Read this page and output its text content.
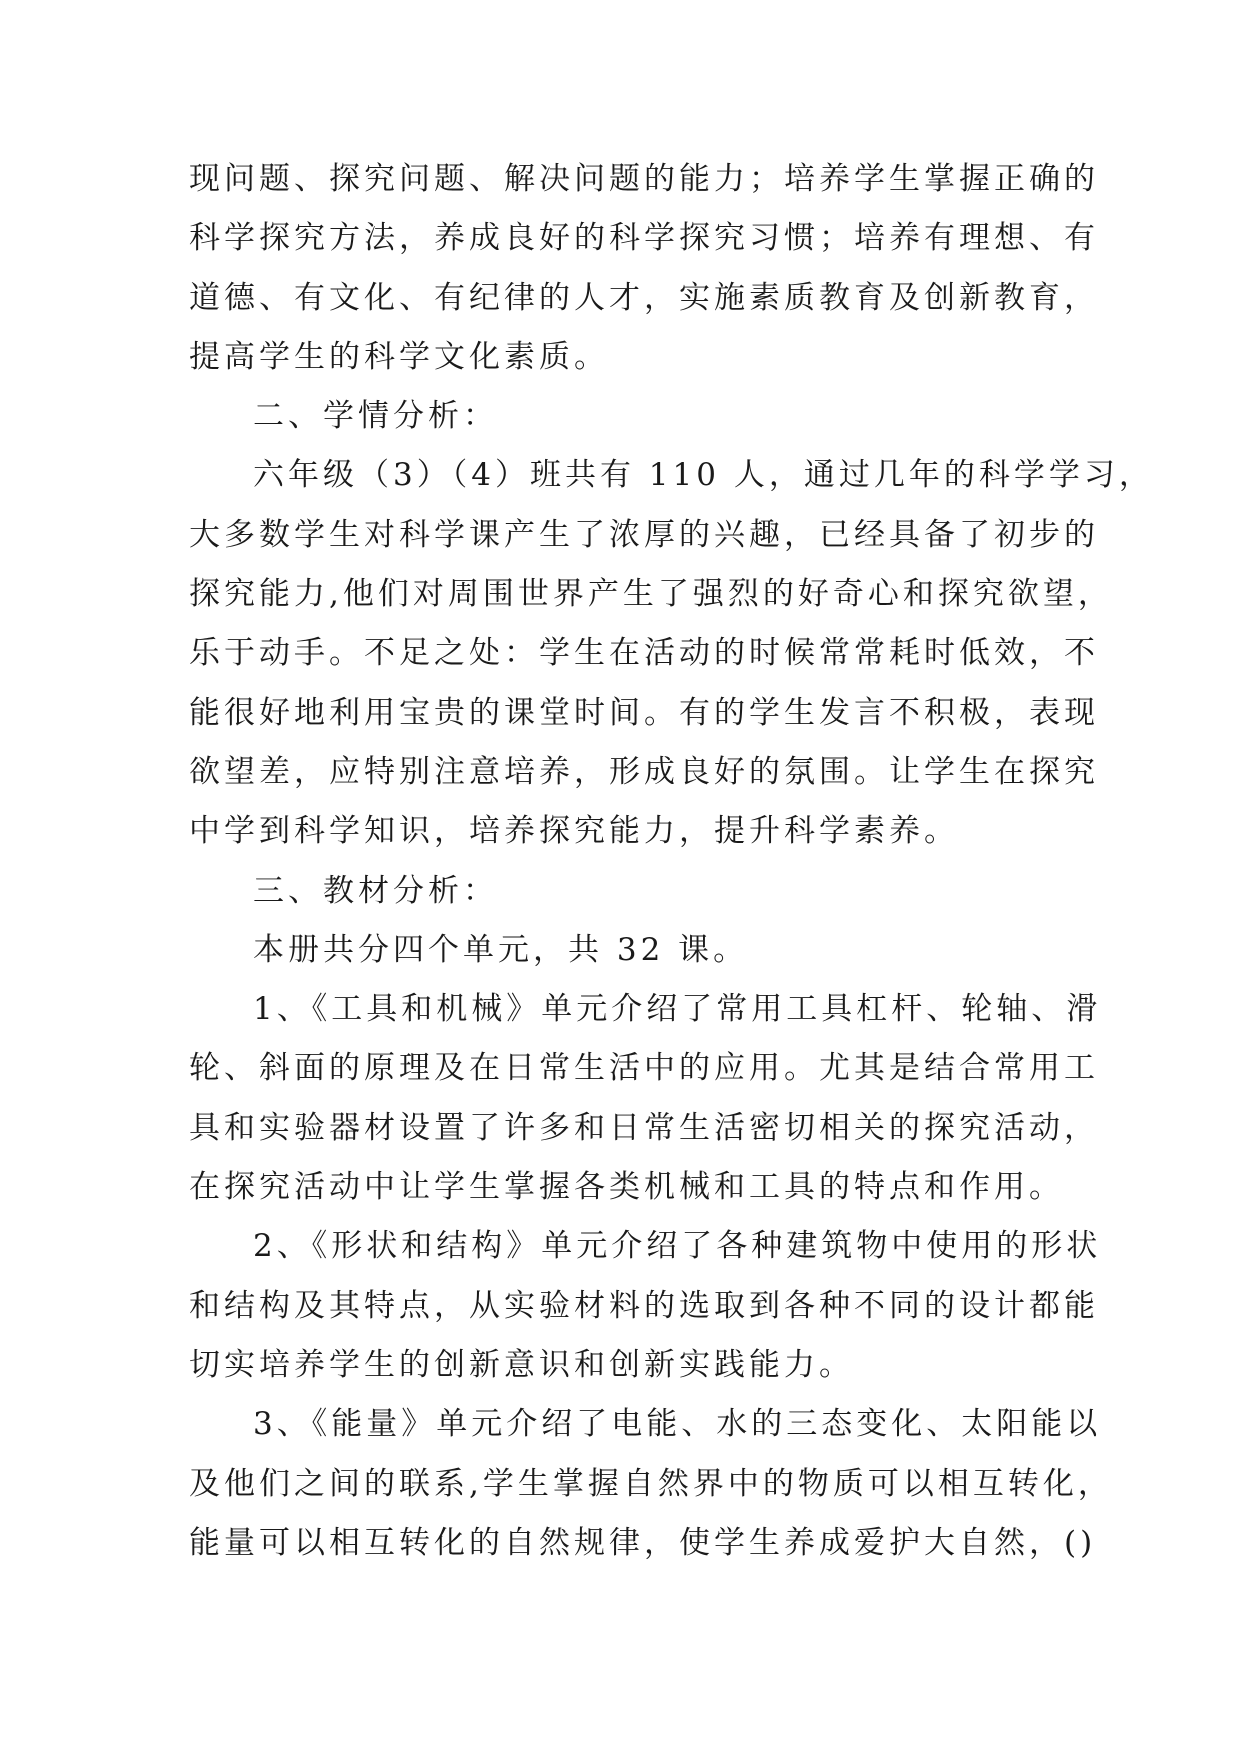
现问题、探究问题、解决问题的能力；培养学生掌握正确的
科学探究方法，养成良好的科学探究习惯；培养有理想、有
道德、有文化、有纪律的人才，实施素质教育及创新教育，
提高学生的科学文化素质。
二、学情分析：
六年级（3）（4）班共有 110 人，通过几年的科学学习，
大多数学生对科学课产生了浓厚的兴趣，已经具备了初步的
探究能力,他们对周围世界产生了强烈的好奇心和探究欲望，
乐于动手。不足之处：学生在活动的时候常常耗时低效，不
能很好地利用宝贵的课堂时间。有的学生发言不积极，表现
欲望差，应特别注意培养，形成良好的氛围。让学生在探究
中学到科学知识，培养探究能力，提升科学素养。
三、教材分析：
本册共分四个单元，共 32 课。
1、《工具和机械》单元介绍了常用工具杠杆、轮轴、滑
轮、斜面的原理及在日常生活中的应用。尤其是结合常用工
具和实验器材设置了许多和日常生活密切相关的探究活动，
在探究活动中让学生掌握各类机械和工具的特点和作用。
2、《形状和结构》单元介绍了各种建筑物中使用的形状
和结构及其特点，从实验材料的选取到各种不同的设计都能
切实培养学生的创新意识和创新实践能力。
3、《能量》单元介绍了电能、水的三态变化、太阳能以
及他们之间的联系,学生掌握自然界中的物质可以相互转化，
能量可以相互转化的自然规律，使学生养成爱护大自然，()
